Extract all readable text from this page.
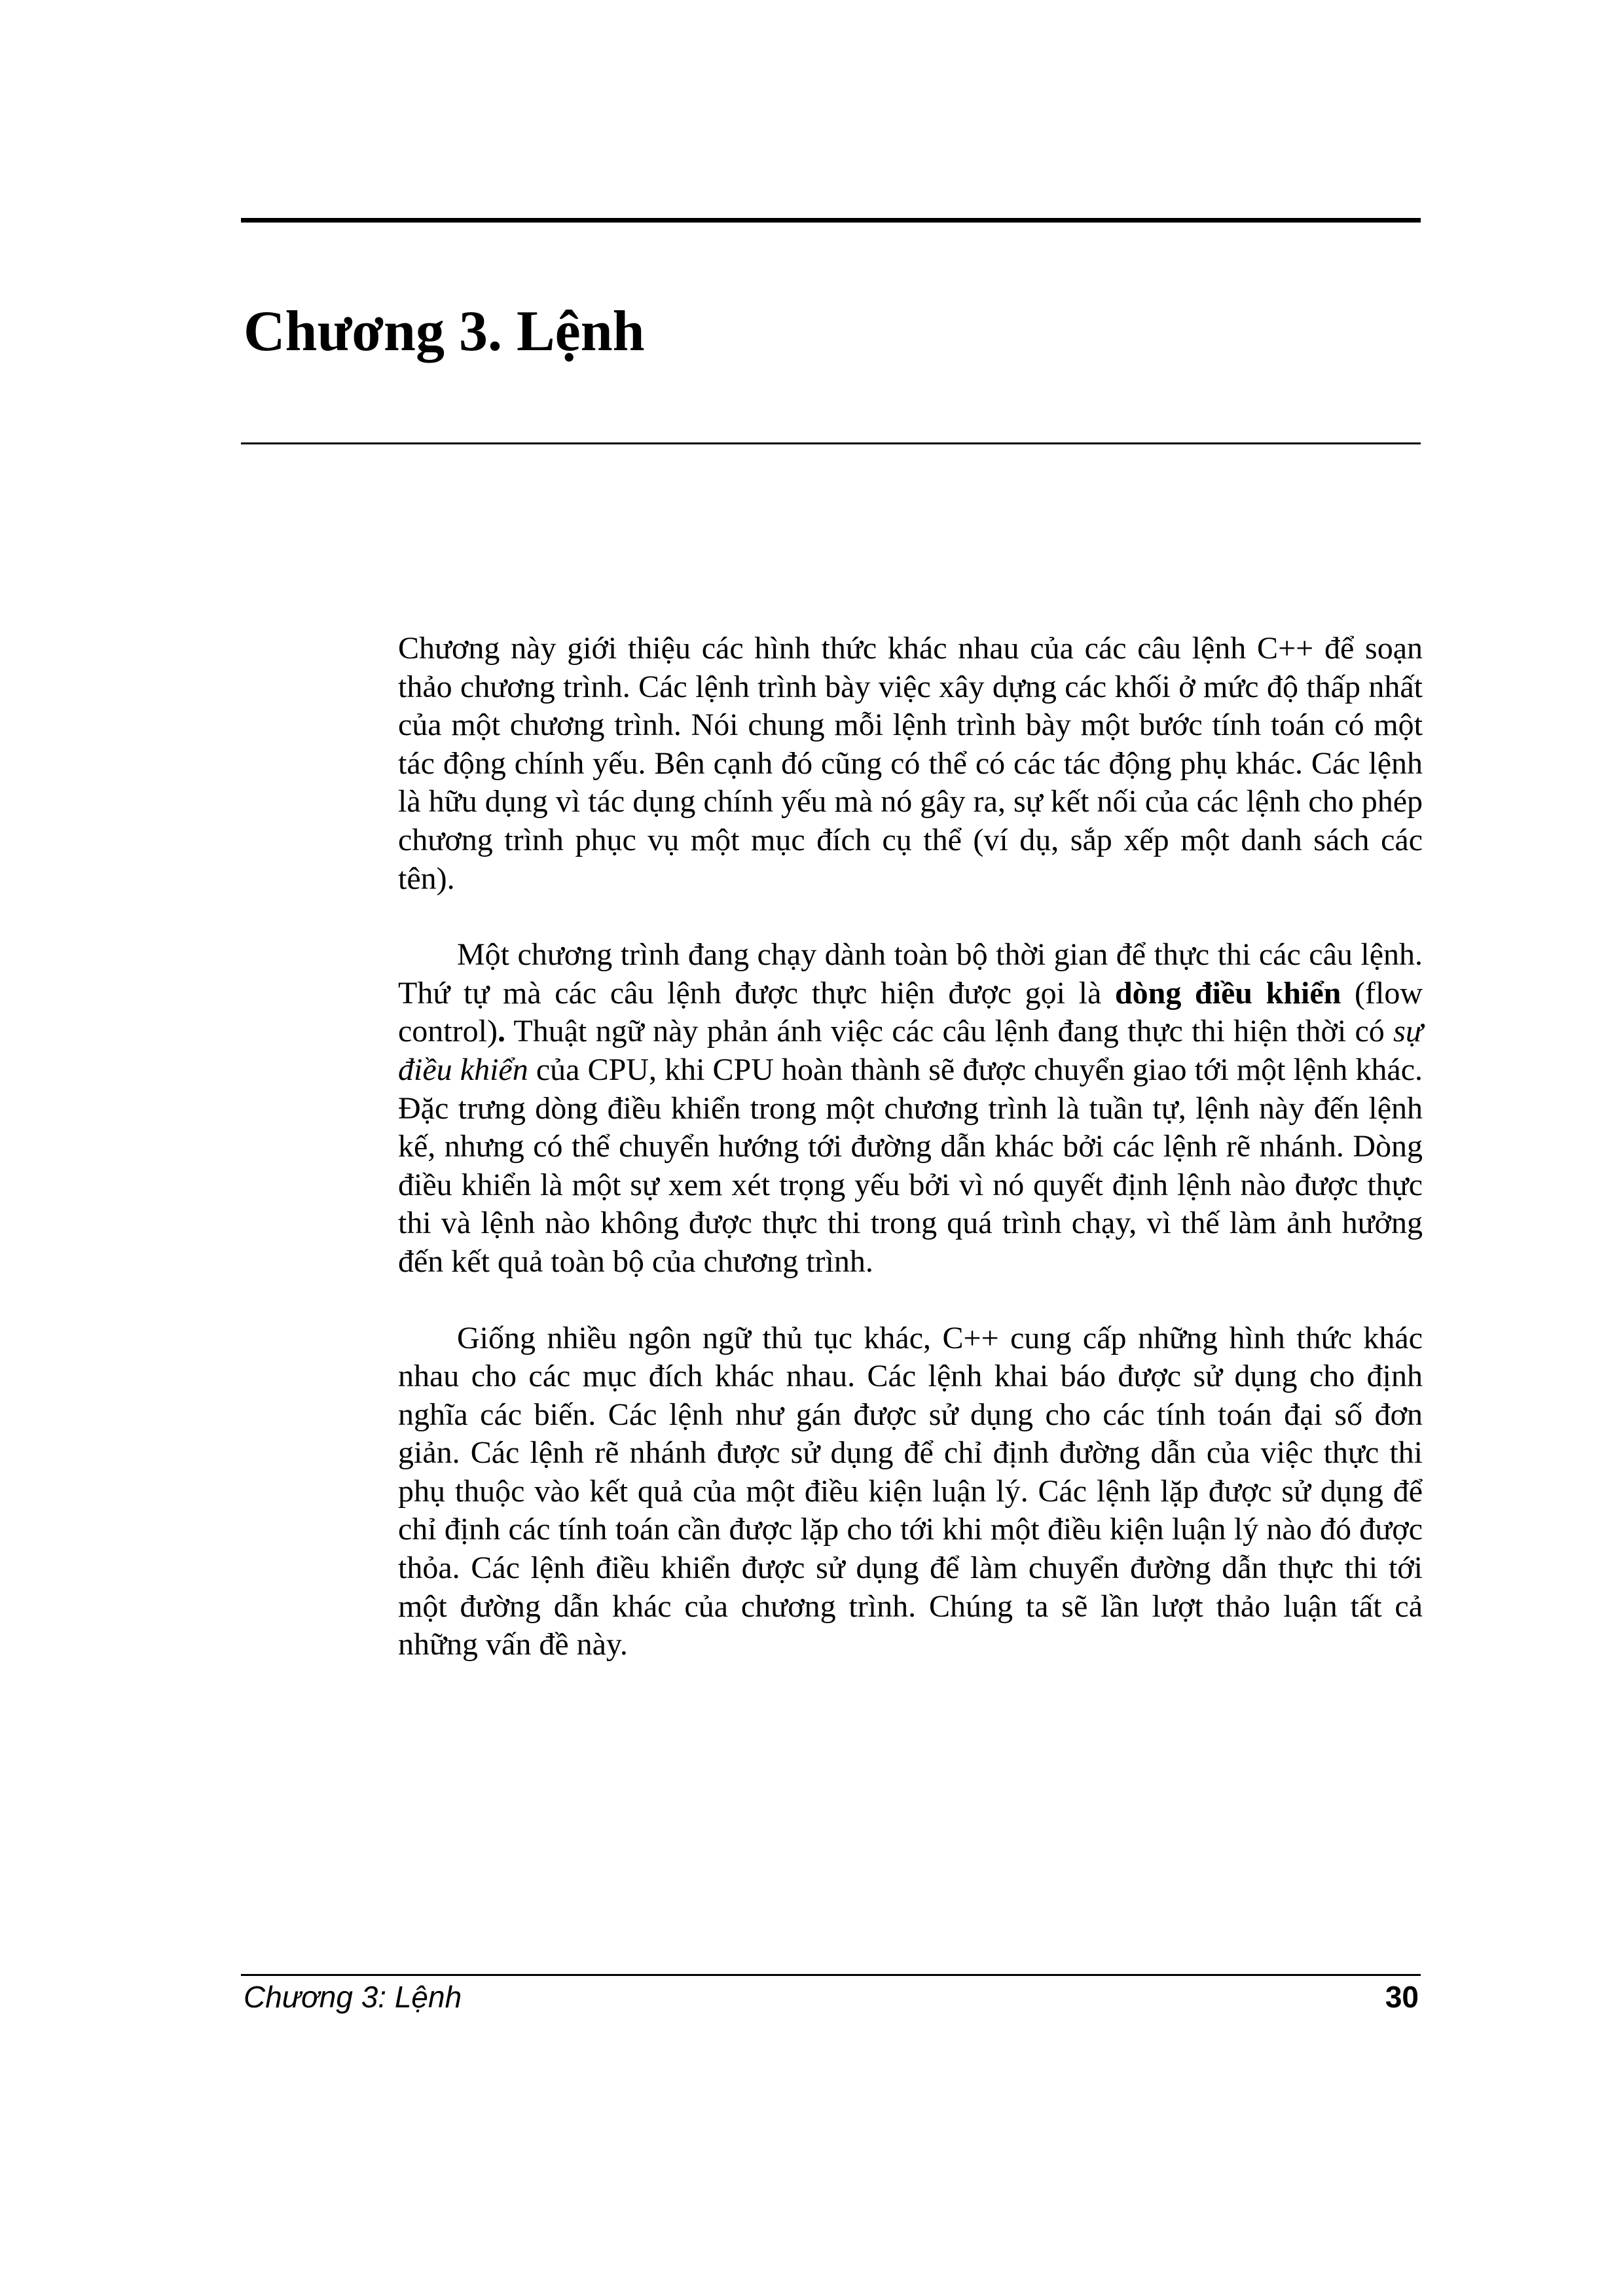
Chương 3. Lệnh

Chương này giới thiệu các hình thức khác nhau của các câu lệnh C++ để soạn thảo chương trình. Các lệnh trình bày việc xây dựng các khối ở mức độ thấp nhất của một chương trình. Nói chung mỗi lệnh trình bày một bước tính toán có một tác động chính yếu. Bên cạnh đó cũng có thể có các tác động phụ khác. Các lệnh là hữu dụng vì tác dụng chính yếu mà nó gây ra, sự kết nối của các lệnh cho phép chương trình phục vụ một mục đích cụ thể (ví dụ, sắp xếp một danh sách các tên).

Một chương trình đang chạy dành toàn bộ thời gian để thực thi các câu lệnh. Thứ tự mà các câu lệnh được thực hiện được gọi là dòng điều khiển (flow control). Thuật ngữ này phản ánh việc các câu lệnh đang thực thi hiện thời có sự điều khiển của CPU, khi CPU hoàn thành sẽ được chuyển giao tới một lệnh khác. Đặc trưng dòng điều khiển trong một chương trình là tuần tự, lệnh này đến lệnh kế, nhưng có thể chuyển hướng tới đường dẫn khác bởi các lệnh rẽ nhánh. Dòng điều khiển là một sự xem xét trọng yếu bởi vì nó quyết định lệnh nào được thực thi và lệnh nào không được thực thi trong quá trình chạy, vì thế làm ảnh hưởng đến kết quả toàn bộ của chương trình.

Giống nhiều ngôn ngữ thủ tục khác, C++ cung cấp những hình thức khác nhau cho các mục đích khác nhau. Các lệnh khai báo được sử dụng cho định nghĩa các biến. Các lệnh như gán được sử dụng cho các tính toán đại số đơn giản. Các lệnh rẽ nhánh được sử dụng để chỉ định đường dẫn của việc thực thi phụ thuộc vào kết quả của một điều kiện luận lý. Các lệnh lặp được sử dụng để chỉ định các tính toán cần được lặp cho tới khi một điều kiện luận lý nào đó được thỏa. Các lệnh điều khiển được sử dụng để làm chuyển đường dẫn thực thi tới một đường dẫn khác của chương trình. Chúng ta sẽ lần lượt thảo luận tất cả những vấn đề này.

Chương 3: Lệnh	30
